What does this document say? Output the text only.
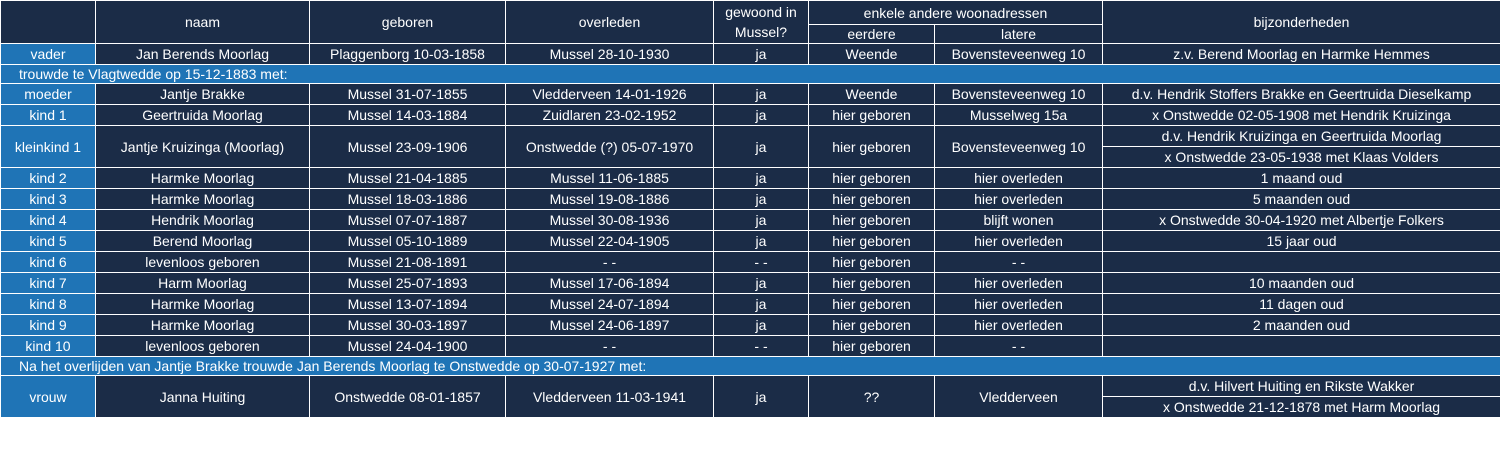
	naam	geboren	overleden	gewoond in Mussel?	enkele andere woonadressen		bijzonderheden
					eerdere	latere	
vader	Jan Berends Moorlag	Plaggenborg 10-03-1858	Mussel 28-10-1930	ja	Weende	Bovensteveenweg 10	z.v. Berend Moorlag en Harmke Hemmes
trouwde te Vlagtwedde op 15-12-1883 met:							
moeder	Jantje Brakke	Mussel 31-07-1855	Vledderveen 14-01-1926	ja	Weende	Bovensteveenweg 10	d.v. Hendrik Stoffers Brakke en Geertruida Dieselkamp
kind 1	Geertruida Moorlag	Mussel 14-03-1884	Zuidlaren 23-02-1952	ja	hier geboren	Musselweg 15a	x Onstwedde 02-05-1908 met Hendrik Kruizinga
kleinkind 1	Jantje Kruizinga (Moorlag)	Mussel 23-09-1906	Onstwedde (?) 05-07-1970	ja	hier geboren	Bovensteveenweg 10	d.v. Hendrik Kruizinga en Geertruida Moorlag
							x Onstwedde 23-05-1938 met Klaas Volders
kind 2	Harmke Moorlag	Mussel 21-04-1885	Mussel 11-06-1885	ja	hier geboren	hier overleden	1 maand oud
kind 3	Harmke Moorlag	Mussel 18-03-1886	Mussel 19-08-1886	ja	hier geboren	hier overleden	5 maanden oud
kind 4	Hendrik Moorlag	Mussel 07-07-1887	Mussel 30-08-1936	ja	hier geboren	blijft wonen	x Onstwedde 30-04-1920 met Albertje Folkers
kind 5	Berend Moorlag	Mussel 05-10-1889	Mussel 22-04-1905	ja	hier geboren	hier overleden	15 jaar oud
kind 6	levenloos geboren	Mussel 21-08-1891	- -	- -	hier geboren	- -	
kind 7	Harm Moorlag	Mussel 25-07-1893	Mussel 17-06-1894	ja	hier geboren	hier overleden	10 maanden oud
kind 8	Harmke Moorlag	Mussel 13-07-1894	Mussel 24-07-1894	ja	hier geboren	hier overleden	11 dagen oud
kind 9	Harmke Moorlag	Mussel 30-03-1897	Mussel 24-06-1897	ja	hier geboren	hier overleden	2 maanden oud
kind 10	levenloos geboren	Mussel 24-04-1900	- -	- -	hier geboren	- -	
Na het overlijden van Jantje Brakke trouwde Jan Berends Moorlag te Onstwedde op 30-07-1927 met:							
vrouw	Janna Huiting	Onstwedde 08-01-1857	Vledderveen 11-03-1941	ja	??	Vledderveen	d.v. Hilvert Huiting en Rikste Wakker
							x Onstwedde 21-12-1878 met Harm Moorlag
